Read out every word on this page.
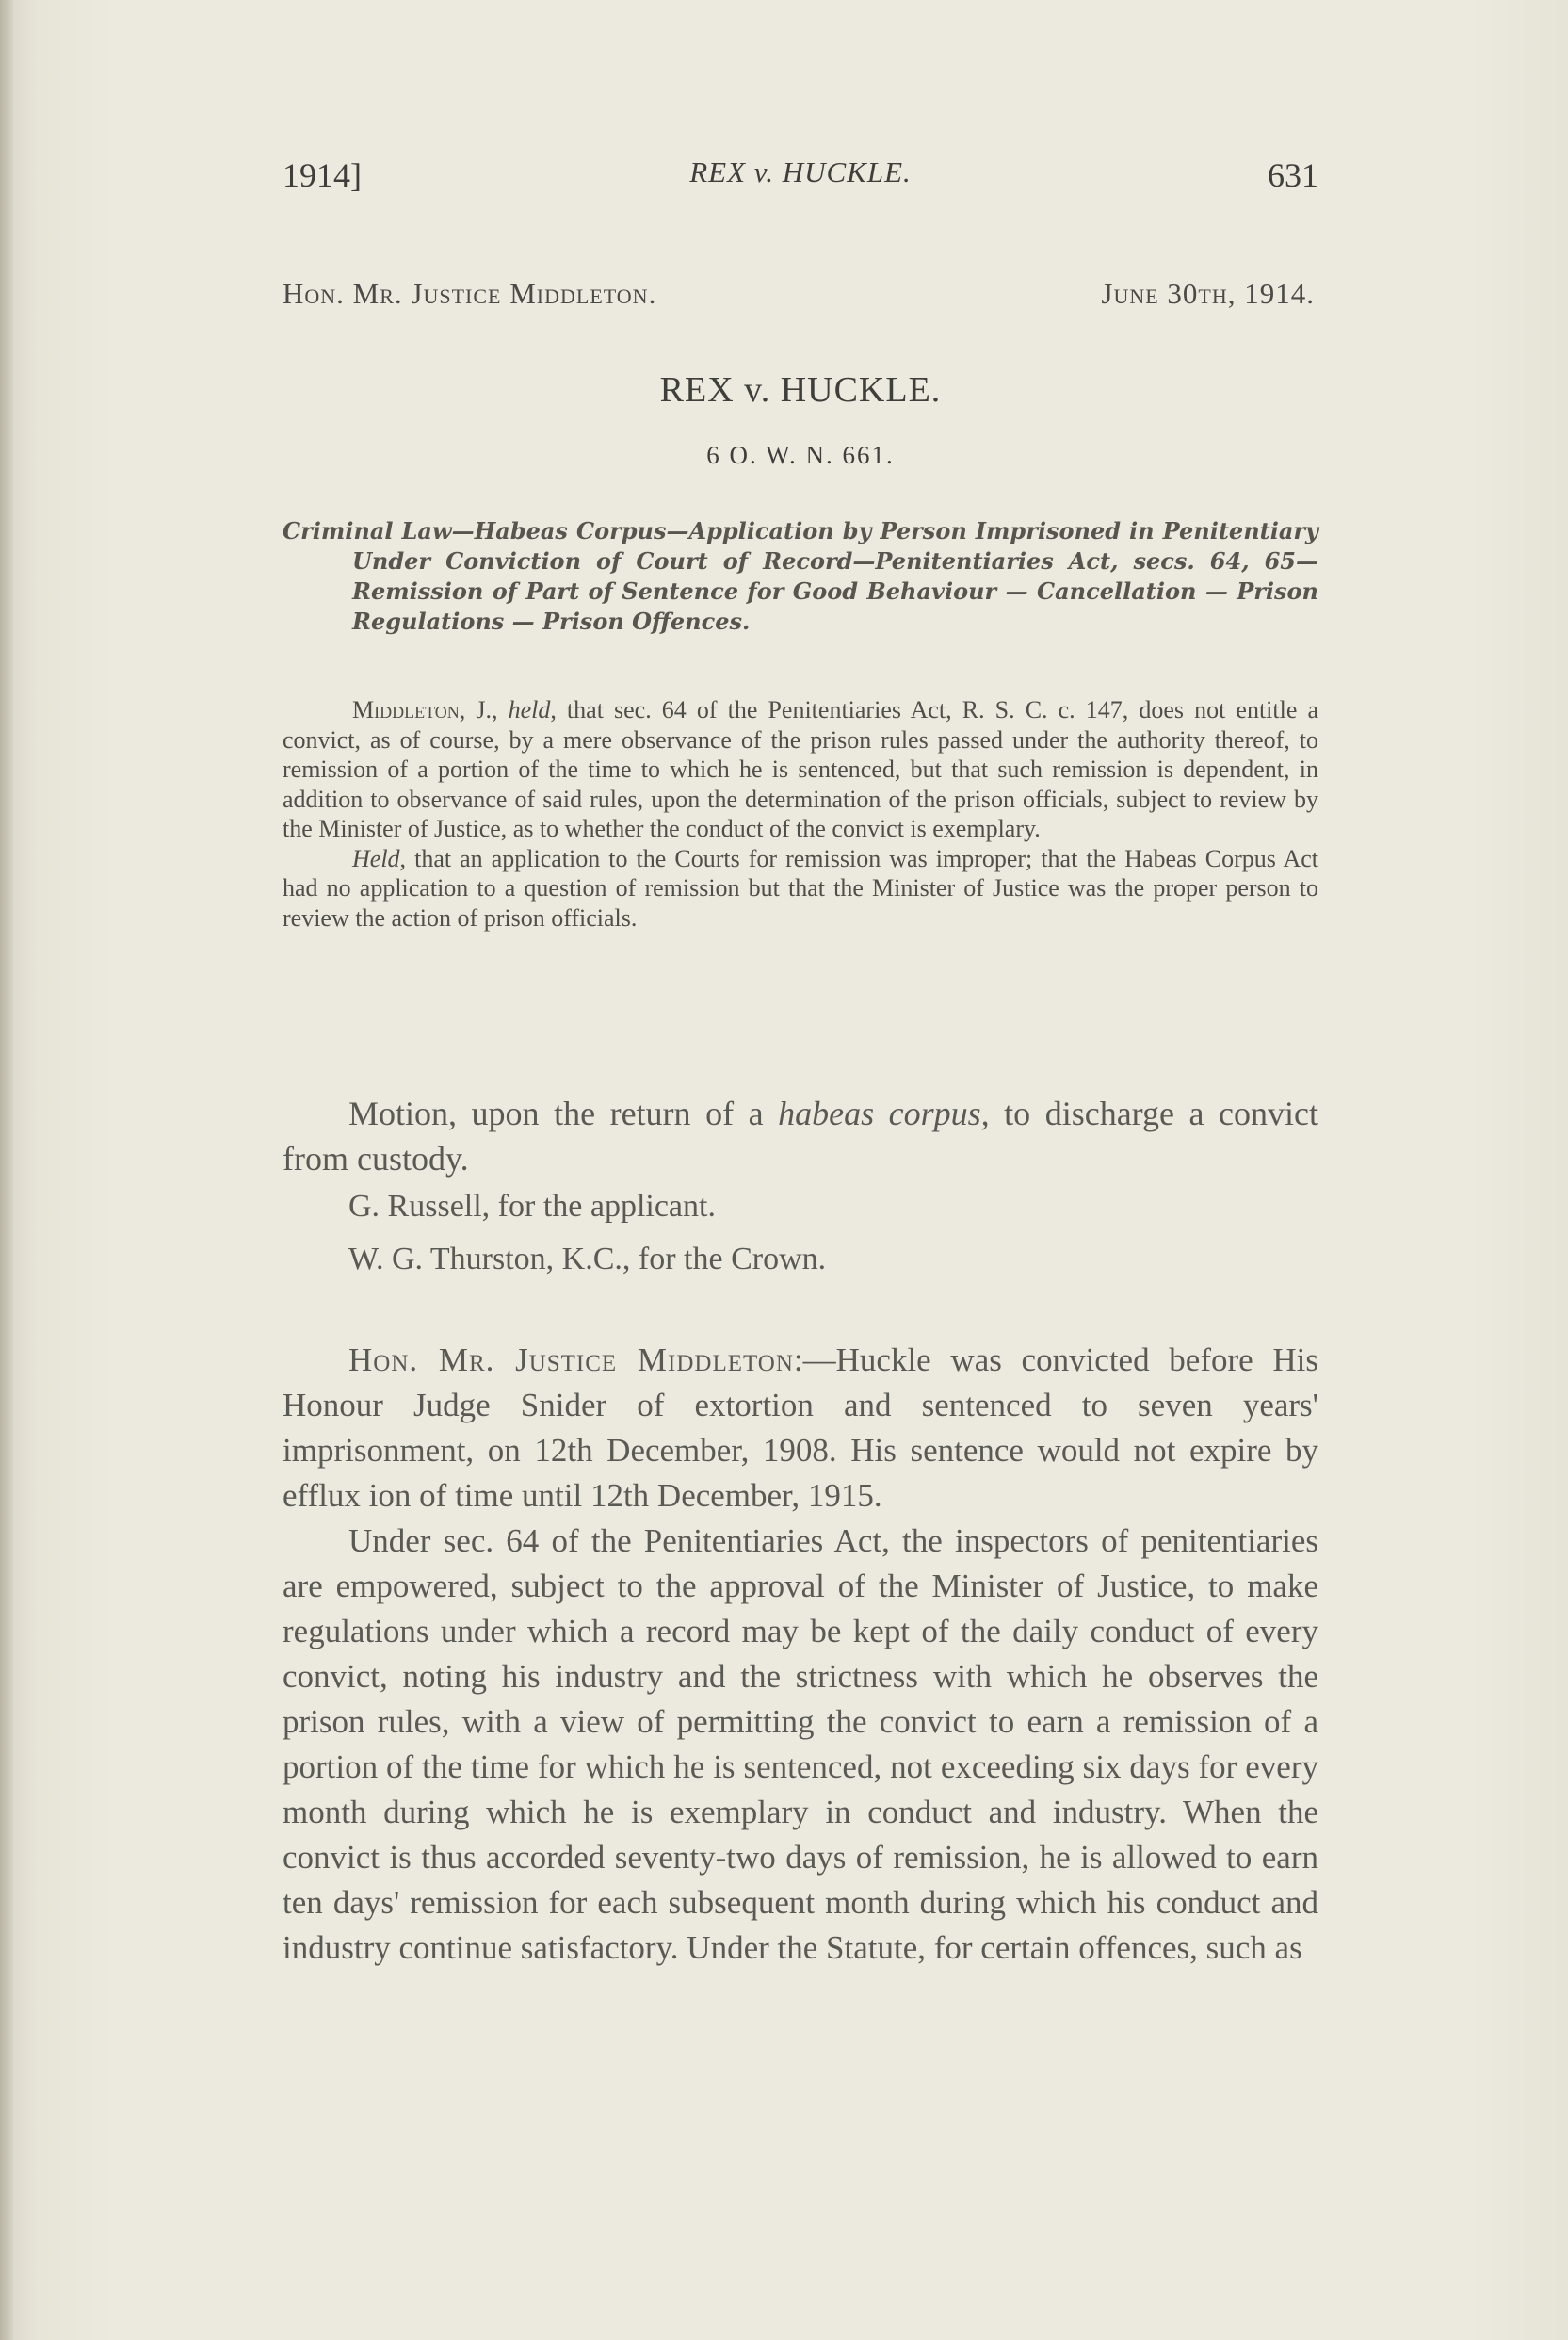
1914]	REX v. HUCKLE.	631
Hon. Mr. Justice Middleton.	June 30th, 1914.
REX v. HUCKLE.
6 O. W. N. 661.
Criminal Law—Habeas Corpus—Application by Person Imprisoned in Penitentiary Under Conviction of Court of Record—Penitentiaries Act, secs. 64, 65—Remission of Part of Sentence for Good Behaviour — Cancellation — Prison Regulations — Prison Offences.

Middleton, J., held, that sec. 64 of the Penitentiaries Act, R. S. C. c. 147, does not entitle a convict, as of course, by a mere observance of the prison rules passed under the authority thereof, to remission of a portion of the time to which he is sentenced, but that such remission is dependent, in addition to observance of said rules, upon the determination of the prison officials, subject to review by the Minister of Justice, as to whether the conduct of the convict is exemplary.

Held, that an application to the Courts for remission was improper; that the Habeas Corpus Act had no application to a question of remission but that the Minister of Justice was the proper person to review the action of prison officials.

Motion, upon the return of a habeas corpus, to discharge a convict from custody.

G. Russell, for the applicant.
W. G. Thurston, K.C., for the Crown.

Hon. Mr. Justice Middleton:—Huckle was convicted before His Honour Judge Snider of extortion and sentenced to seven years' imprisonment, on 12th December, 1908. His sentence would not expire by efflux ion of time until 12th December, 1915.

Under sec. 64 of the Penitentiaries Act, the inspectors of penitentiaries are empowered, subject to the approval of the Minister of Justice, to make regulations under which a record may be kept of the daily conduct of every convict, noting his industry and the strictness with which he observes the prison rules, with a view of permitting the convict to earn a remission of a portion of the time for which he is sentenced, not exceeding six days for every month during which he is exemplary in conduct and industry. When the convict is thus accorded seventy-two days of remission, he is allowed to earn ten days' remission for each subsequent month during which his conduct and industry continue satisfactory. Under the Statute, for certain offences, such as
